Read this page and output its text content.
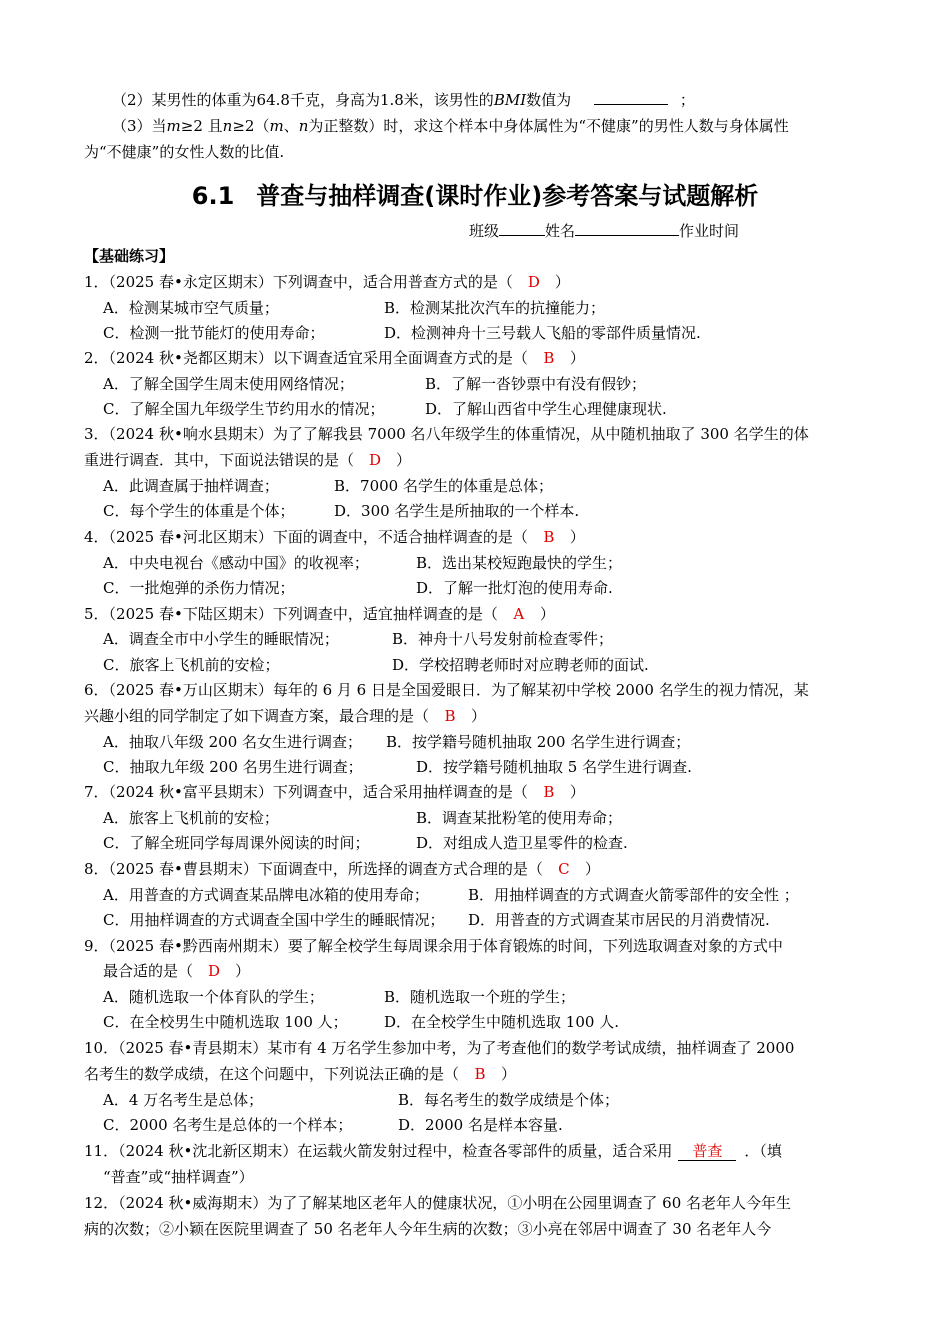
（2）某男性的体重为64.8千克，身高为1.8米，该男性的BMI数值为	；
（3）当m≥2 且n≥2（m、n为正整数）时，求这个样本中身体属性为“不健康”的男性人数与身体属性
为“不健康”的女性人数的比值.
6.1 普查与抽样调查(课时作业)参考答案与试题解析
班级	姓名	作业时间
【基础练习】
1．（2025 春•永定区期末）下列调查中，适合用普查方式的是（ D ）
A．检测某城市空气质量；	B．检测某批次汽车的抗撞能力；
C．检测一批节能灯的使用寿命；	D．检测神舟十三号载人飞船的零部件质量情况.
2．（2024 秋•尧都区期末）以下调查适宜采用全面调查方式的是（ B ）
A．了解全国学生周末使用网络情况；	B．了解一沓钞票中有没有假钞；
C．了解全国九年级学生节约用水的情况；	D．了解山西省中学生心理健康现状.
3．（2024 秋•响水县期末）为了了解我县 7000 名八年级学生的体重情况，从中随机抽取了 300 名学生的体
重进行调查．其中，下面说法错误的是（ D ）
A．此调查属于抽样调查；	B．7000 名学生的体重是总体；
C．每个学生的体重是个体；	D．300 名学生是所抽取的一个样本.
4．（2025 春•河北区期末）下面的调查中，不适合抽样调查的是（ B ）
A．中央电视台《感动中国》的收视率；	B．选出某校短跑最快的学生；
C．一批炮弹的杀伤力情况；	D．了解一批灯泡的使用寿命.
5．（2025 春•下陆区期末）下列调查中，适宜抽样调查的是（ A ）
A．调查全市中小学生的睡眠情况；	B．神舟十八号发射前检查零件；
C．旅客上飞机前的安检；	D．学校招聘老师时对应聘老师的面试.
6．（2025 春•万山区期末）每年的 6 月 6 日是全国爱眼日．为了解某初中学校 2000 名学生的视力情况，某
兴趣小组的同学制定了如下调查方案，最合理的是（ B ）
A．抽取八年级 200 名女生进行调查； B．按学籍号随机抽取 200 名学生进行调查；
C．抽取九年级 200 名男生进行调查；	D．按学籍号随机抽取 5 名学生进行调查.
7．（2024 秋•富平县期末）下列调查中，适合采用抽样调查的是（ B ）
A．旅客上飞机前的安检；	B．调查某批粉笔的使用寿命；
C．了解全班同学每周课外阅读的时间；	D．对组成人造卫星零件的检查.
8．（2025 春•曹县期末）下面调查中，所选择的调查方式合理的是（ C ）
A．用普查的方式调查某品牌电冰箱的使用寿命；	B．用抽样调查的方式调查火箭零部件的安全性 ；
C．用抽样调查的方式调查全国中学生的睡眠情况； D．用普查的方式调查某市居民的月消费情况.
9．（2025 春•黔西南州期末）要了解全校学生每周课余用于体育锻炼的时间，下列选取调查对象的方式中
最合适的是（ D ）
A．随机选取一个体育队的学生；	B．随机选取一个班的学生；
C．在全校男生中随机选取 100 人； D．在全校学生中随机选取 100 人.
10．（2025 春•青县期末）某市有 4 万名学生参加中考，为了考查他们的数学考试成绩，抽样调查了 2000
名考生的数学成绩，在这个问题中，下列说法正确的是（ B ）
A．4 万名考生是总体；	B．每名考生的数学成绩是个体；
C．2000 名考生是总体的一个样本；	D．2000 名是样本容量.
11．（2024 秋•沈北新区期末）在运载火箭发射过程中，检查各零部件的质量，适合采用 普查 ．（填
“普查”或“抽样调查”）
12．（2024 秋•威海期末）为了了解某地区老年人的健康状况，①小明在公园里调查了 60 名老年人今年生
病的次数；②小颖在医院里调查了 50 名老年人今年生病的次数；③小亮在邻居中调查了 30 名老年人今
